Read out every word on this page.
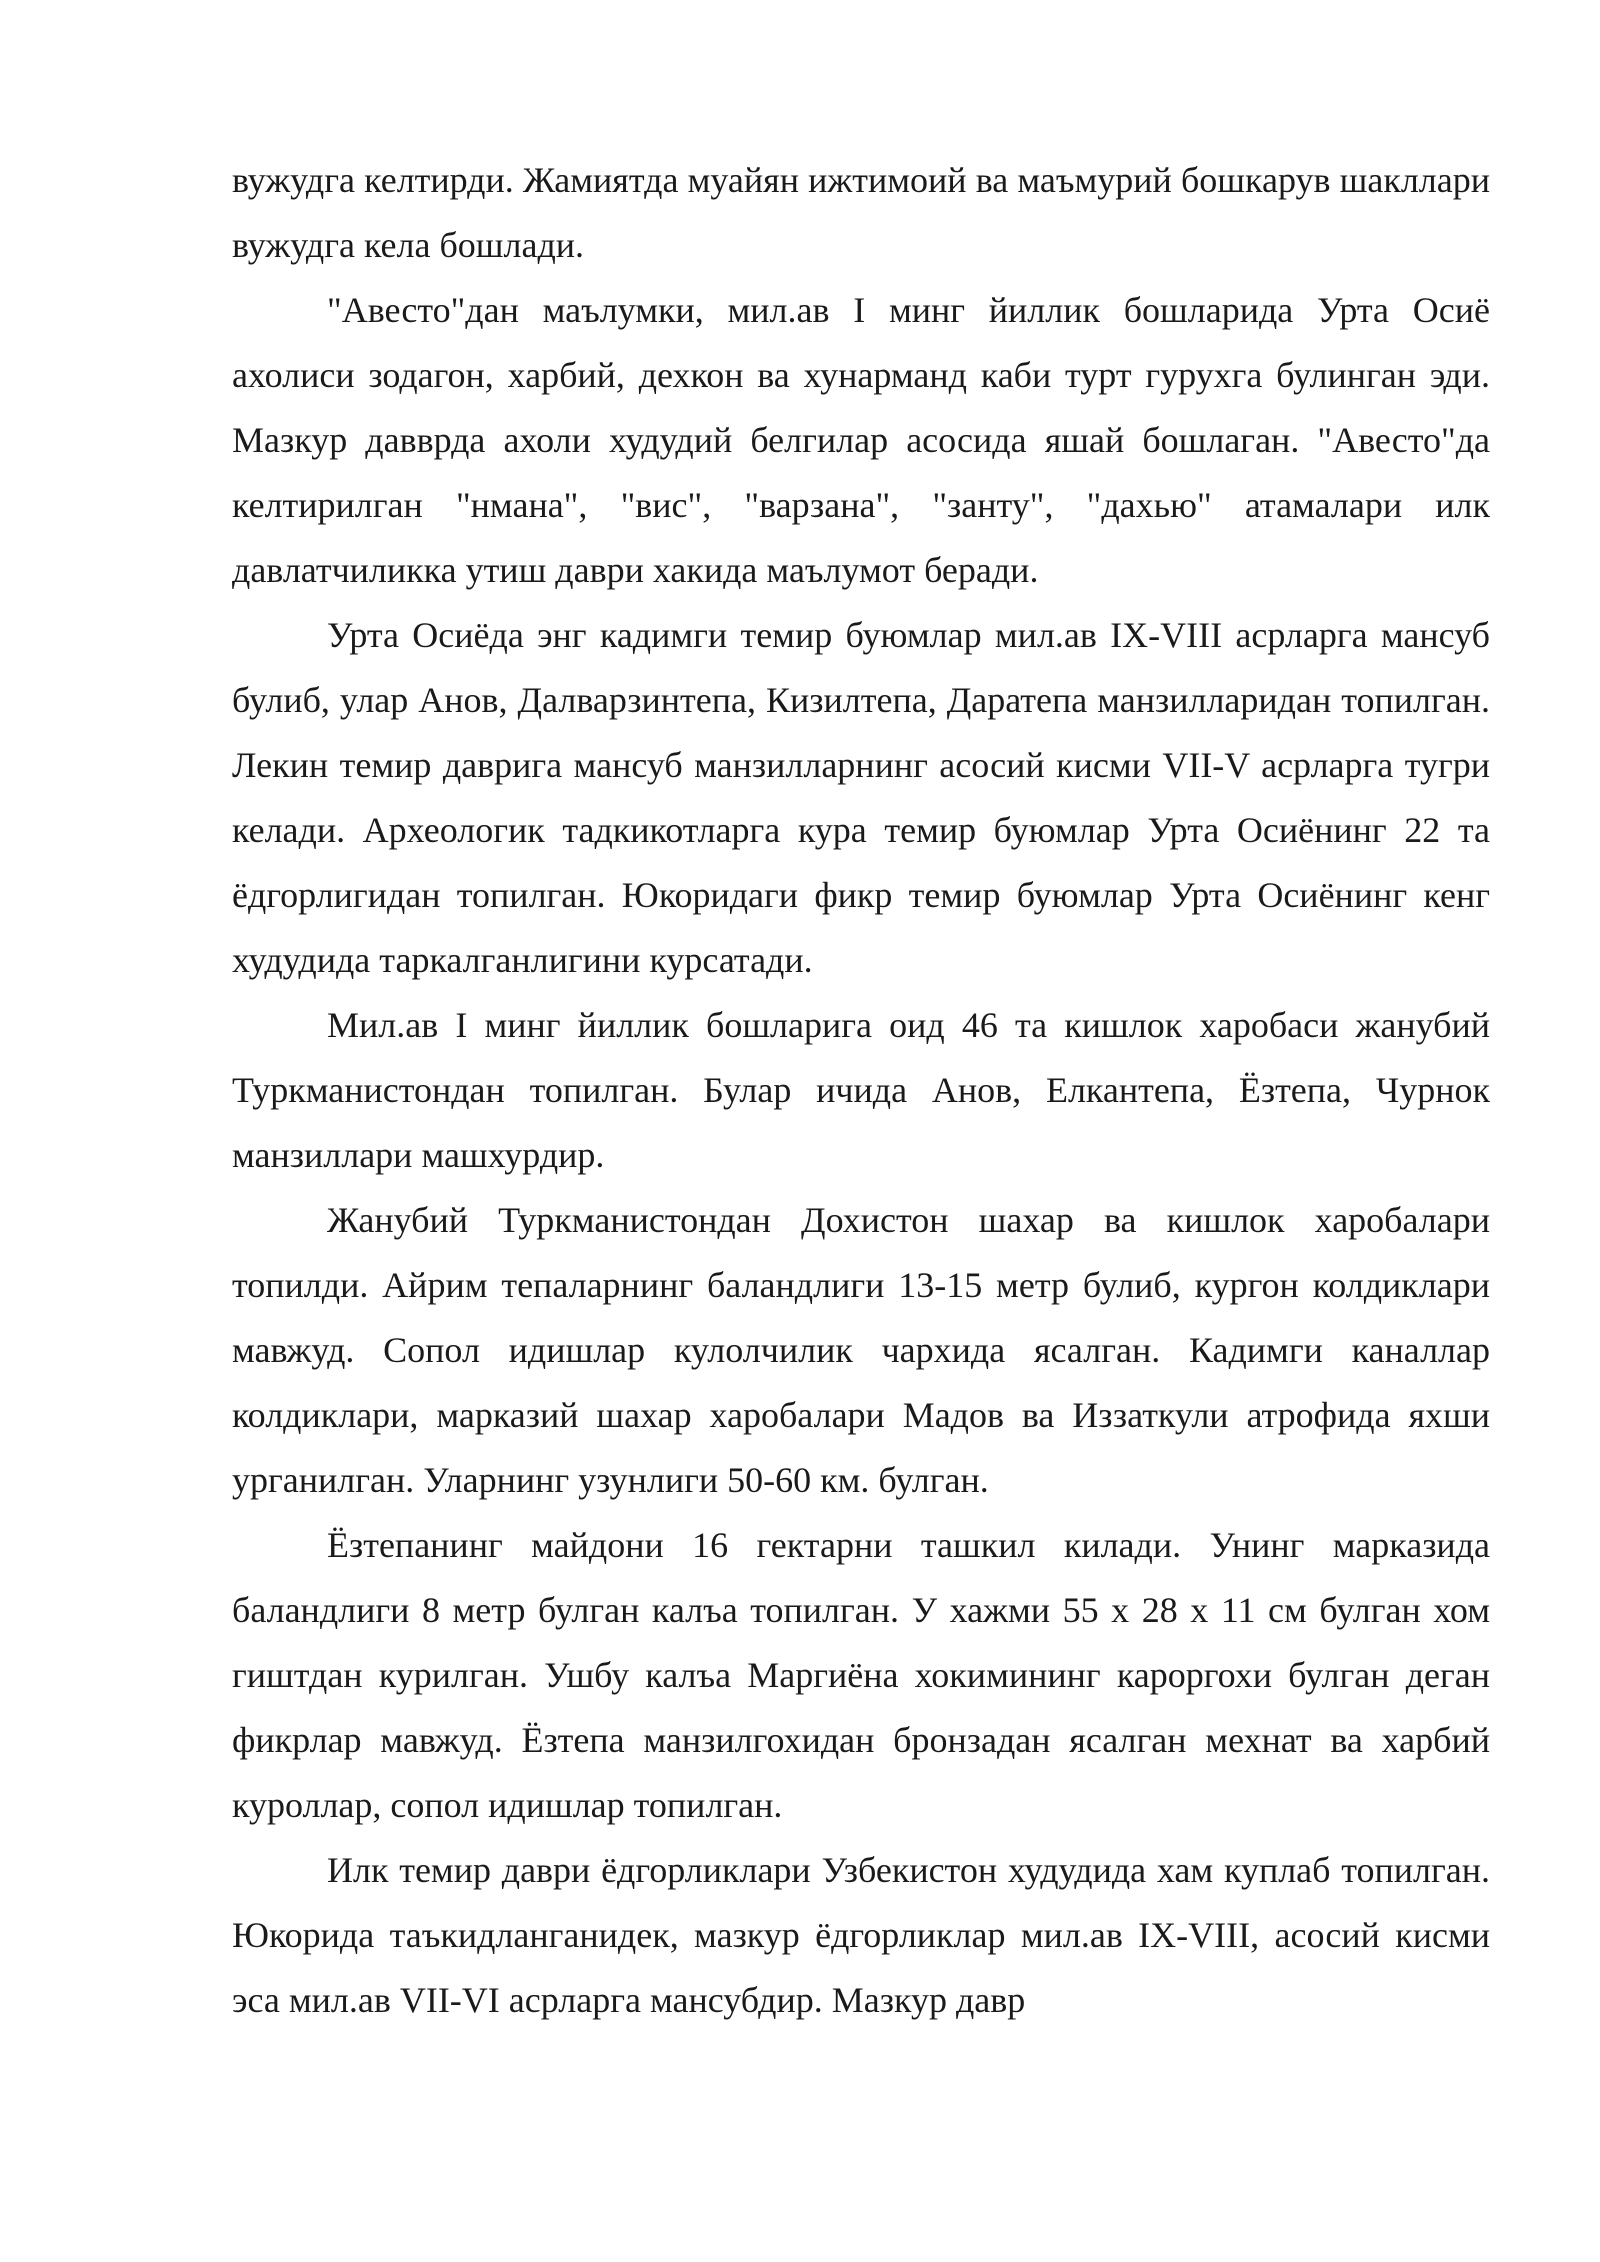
вужудга келтирди. Жамиятда муайян ижтимоий ва маъмурий бошкарув шакллари вужудга кела бошлади.

"Авесто"дан маълумки, мил.ав I минг йиллик бошларида Урта Осиё ахолиси зодагон, харбий, дехкон ва хунарманд каби турт гурухга булинган эди. Мазкур давврда ахоли худудий белгилар асосида яшай бошлаган. "Авесто"да келтирилган "нмана", "вис", "варзана", "занту", "дахью" атамалари илк давлатчиликка утиш даври хакида маълумот беради.

Урта Осиёда энг кадимги темир буюмлар мил.ав IX-VIII асрларга мансуб булиб, улар Анов, Далварзинтепа, Кизилтепа, Даратепа манзилларидан топилган. Лекин темир даврига мансуб манзилларнинг асосий кисми VII-V асрларга тугри келади. Археологик тадкикотларга кура темир буюмлар Урта Осиёнинг 22 та ёдгорлигидан топилган. Юкоридаги фикр темир буюмлар Урта Осиёнинг кенг худудида таркалганлигини курсатади.

Мил.ав I минг йиллик бошларига оид 46 та кишлок харобаси жанубий Туркманистондан топилган. Булар ичида Анов, Елкантепа, Ёзтепа, Чурнок манзиллари машхурдир.

Жанубий Туркманистондан Дохистон шахар ва кишлок харобалари топилди. Айрим тепаларнинг баландлиги 13-15 метр булиб, кургон колдиклари мавжуд. Сопол идишлар кулолчилик чархида ясалган. Кадимги каналлар колдиклари, марказий шахар харобалари Мадов ва Иззаткули атрофида яхши урганилган. Уларнинг узунлиги 50-60 км. булган.

Ёзтепанинг майдони 16 гектарни ташкил килади. Унинг марказида баландлиги 8 метр булган калъа топилган. У хажми 55 х 28 х 11 см булган хом гиштдан курилган. Ушбу калъа Маргиёна хокимининг кароргохи булган деган фикрлар мавжуд. Ёзтепа манзилгохидан бронзадан ясалган мехнат ва харбий куроллар, сопол идишлар топилган.

Илк темир даври ёдгорликлари Узбекистон худудида хам куплаб топилган. Юкорида таъкидланганидек, мазкур ёдгорликлар мил.ав IX-VIII, асосий кисми эса мил.ав VII-VI асрларга мансубдир. Мазкур давр
